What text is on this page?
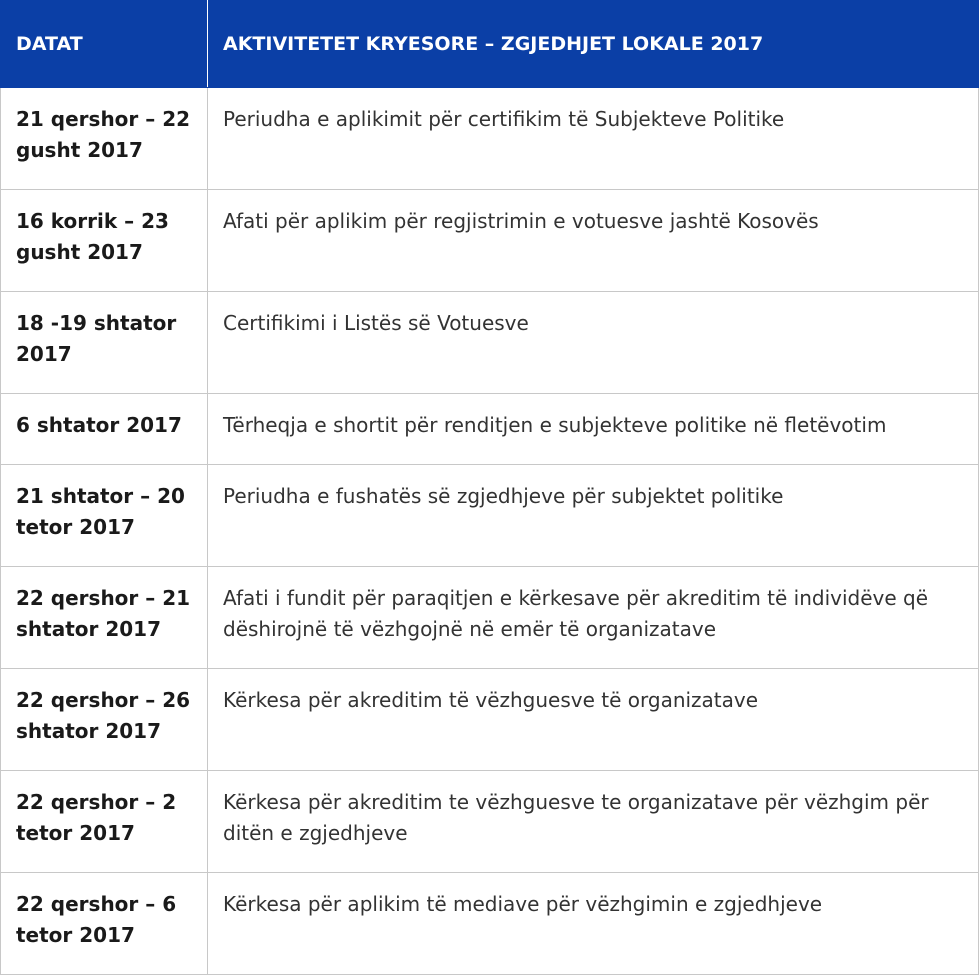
DATAT	AKTIVITETET KRYESORE – ZGJEDHJET LOKALE 2017
21 qershor – 22 gusht 2017	Periudha e aplikimit për certifikim të Subjekteve Politike
16 korrik – 23 gusht 2017	Afati për aplikim për regjistrimin e votuesve jashtë Kosovës
18 -19 shtator 2017	Certifikimi i Listës së Votuesve
6 shtator 2017	Tërheqja e shortit për renditjen e subjekteve politike në fletëvotim
21 shtator – 20 tetor 2017	Periudha e fushatës së zgjedhjeve për subjektet politike
22 qershor – 21 shtator 2017	Afati i fundit për paraqitjen e kërkesave për akreditim të individëve që dëshirojnë të vëzhgojnë në emër të organizatave
22 qershor – 26 shtator 2017	Kërkesa për akreditim të vëzhguesve të organizatave
22 qershor – 2 tetor 2017	Kërkesa për akreditim te vëzhguesve te organizatave për vëzhgim për ditën e zgjedhjeve
22 qershor – 6 tetor 2017	Kërkesa për aplikim të mediave për vëzhgimin e zgjedhjeve
